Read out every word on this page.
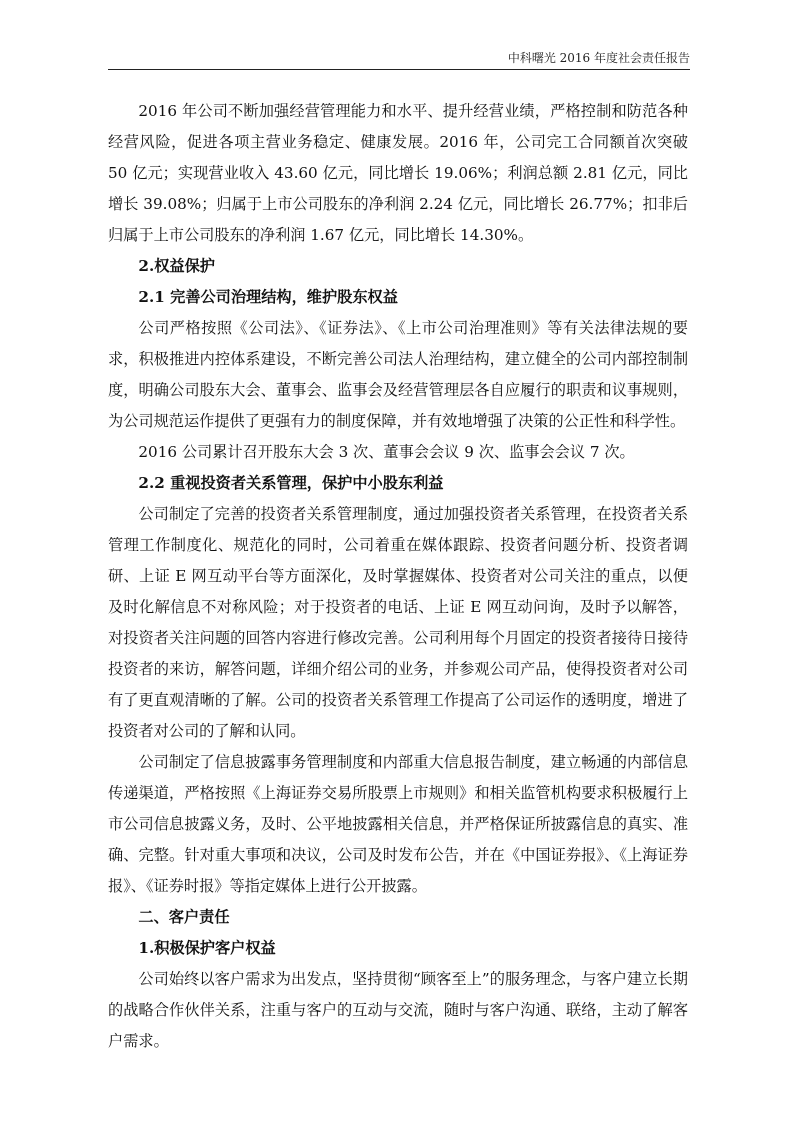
中科曙光 2016 年度社会责任报告

2016 年公司不断加强经营管理能力和水平、提升经营业绩，严格控制和防范各种经营风险，促进各项主营业务稳定、健康发展。2016 年，公司完工合同额首次突破 50 亿元；实现营业收入 43.60 亿元，同比增长 19.06%；利润总额 2.81 亿元，同比增长 39.08%；归属于上市公司股东的净利润 2.24 亿元，同比增长 26.77%；扣非后归属于上市公司股东的净利润 1.67 亿元，同比增长 14.30%。

2.权益保护

2.1 完善公司治理结构，维护股东权益

公司严格按照《公司法》、《证券法》、《上市公司治理准则》等有关法律法规的要求，积极推进内控体系建设，不断完善公司法人治理结构，建立健全的公司内部控制制度，明确公司股东大会、董事会、监事会及经营管理层各自应履行的职责和议事规则，为公司规范运作提供了更强有力的制度保障，并有效地增强了决策的公正性和科学性。

2016 公司累计召开股东大会 3 次、董事会会议 9 次、监事会会议 7 次。

2.2 重视投资者关系管理，保护中小股东利益

公司制定了完善的投资者关系管理制度，通过加强投资者关系管理，在投资者关系管理工作制度化、规范化的同时，公司着重在媒体跟踪、投资者问题分析、投资者调研、上证 E 网互动平台等方面深化，及时掌握媒体、投资者对公司关注的重点，以便及时化解信息不对称风险；对于投资者的电话、上证 E 网互动问询，及时予以解答，对投资者关注问题的回答内容进行修改完善。公司利用每个月固定的投资者接待日接待投资者的来访，解答问题，详细介绍公司的业务，并参观公司产品，使得投资者对公司有了更直观清晰的了解。公司的投资者关系管理工作提高了公司运作的透明度，增进了投资者对公司的了解和认同。

公司制定了信息披露事务管理制度和内部重大信息报告制度，建立畅通的内部信息传递渠道，严格按照《上海证券交易所股票上市规则》和相关监管机构要求积极履行上市公司信息披露义务，及时、公平地披露相关信息，并严格保证所披露信息的真实、准确、完整。针对重大事项和决议，公司及时发布公告，并在《中国证券报》、《上海证券报》、《证券时报》等指定媒体上进行公开披露。

二、客户责任

1.积极保护客户权益

公司始终以客户需求为出发点，坚持贯彻“顾客至上”的服务理念，与客户建立长期的战略合作伙伴关系，注重与客户的互动与交流，随时与客户沟通、联络，主动了解客户需求。
